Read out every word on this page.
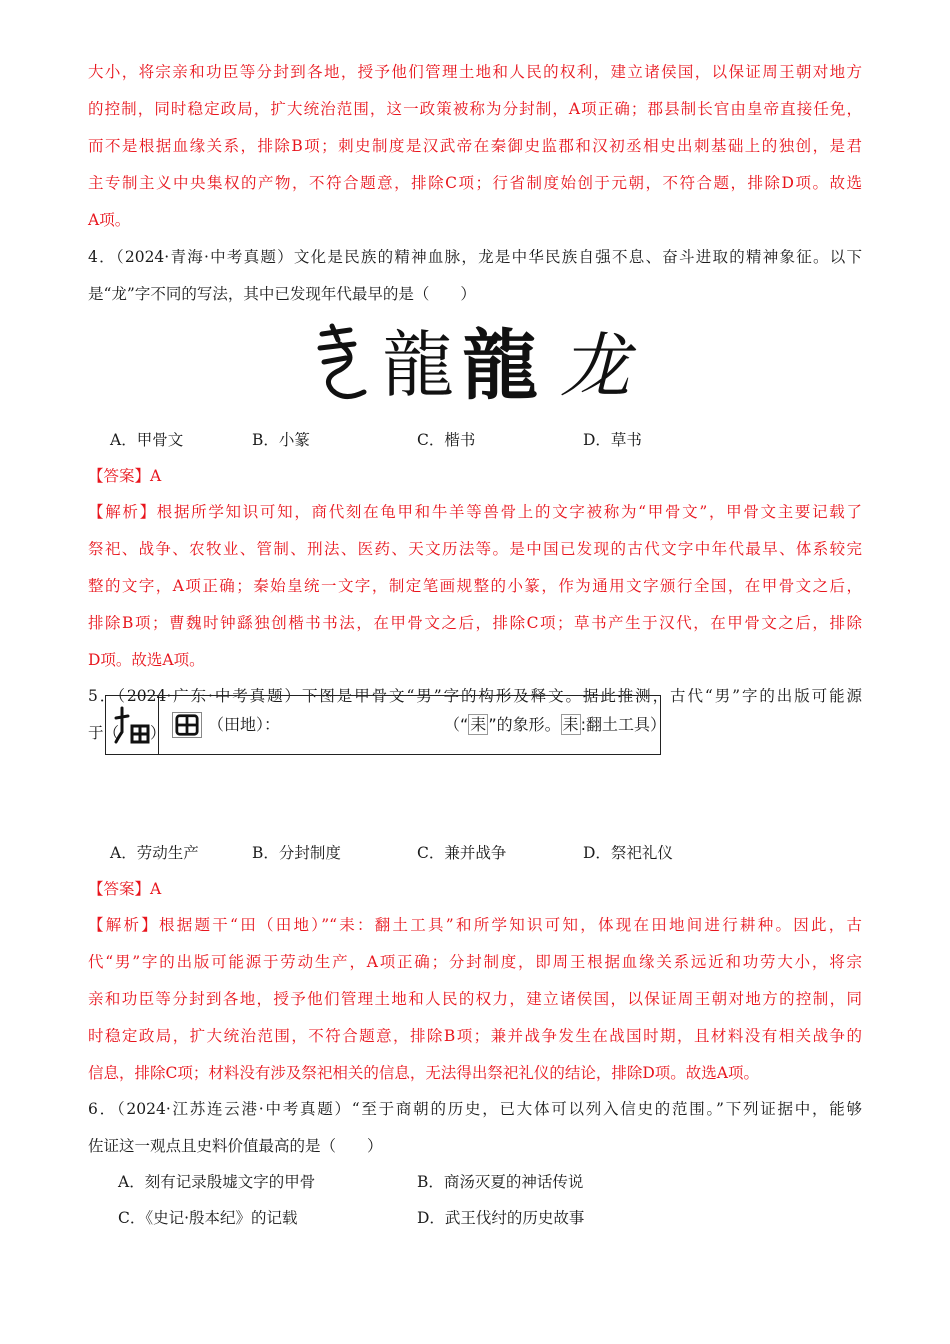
大小，将宗亲和功臣等分封到各地，授予他们管理土地和人民的权利，建立诸侯国，以保证周王朝对地方
的控制，同时稳定政局，扩大统治范围，这一政策被称为分封制，A项正确；郡县制长官由皇帝直接任免，
而不是根据血缘关系，排除B项；刺史制度是汉武帝在秦御史监郡和汉初丞相史出刺基础上的独创，是君
主专制主义中央集权的产物，不符合题意，排除C项；行省制度始创于元朝，不符合题，排除D项。故选
A项。
4．（2024·青海·中考真题）文化是民族的精神血脉，龙是中华民族自强不息、奋斗进取的精神象征。以下
是“龙”字不同的写法，其中已发现年代最早的是（　　）
龍 龍 龙
A．甲骨文	B．小篆	C．楷书	D．草书
【答案】A
【解析】根据所学知识可知，商代刻在龟甲和牛羊等兽骨上的文字被称为“甲骨文”，甲骨文主要记载了
祭祀、战争、农牧业、管制、刑法、医药、天文历法等。是中国已发现的古代文字中年代最早、体系较完
整的文字，A项正确；秦始皇统一文字，制定笔画规整的小篆，作为通用文字颁行全国，在甲骨文之后，
排除B项；曹魏时钟繇独创楷书书法，在甲骨文之后，排除C项；草书产生于汉代，在甲骨文之后，排除
D项。故选A项。
5．（2024·广东·中考真题）下图是甲骨文“男”字的构形及释文。据此推测，古代“男”字的出版可能源
于（　　）	（田地）：	（“ 耒 ”的象形。 耒 :翻土工具）
A．劳动生产	B．分封制度	C．兼并战争	D．祭祀礼仪
【答案】A
【解析】根据题干“田（田地）”“耒：翻土工具”和所学知识可知，体现在田地间进行耕种。因此，古
代“男”字的出版可能源于劳动生产，A项正确；分封制度，即周王根据血缘关系远近和功劳大小，将宗
亲和功臣等分封到各地，授予他们管理土地和人民的权力，建立诸侯国，以保证周王朝对地方的控制，同
时稳定政局，扩大统治范围，不符合题意，排除B项；兼并战争发生在战国时期，且材料没有相关战争的
信息，排除C项；材料没有涉及祭祀相关的信息，无法得出祭祀礼仪的结论，排除D项。故选A项。
6．（2024·江苏连云港·中考真题）“至于商朝的历史，已大体可以列入信史的范围。”下列证据中，能够
佐证这一观点且史料价值最高的是（　　）
A．刻有记录殷墟文字的甲骨	B．商汤灭夏的神话传说
C．《史记·殷本纪》的记载	D．武王伐纣的历史故事
